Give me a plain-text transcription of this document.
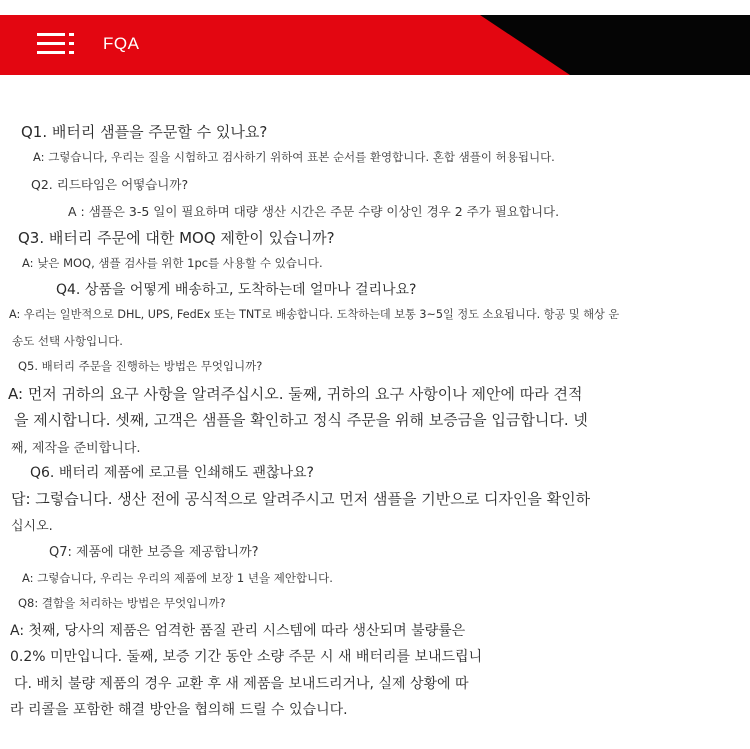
FQA
Q1. 배터리 샘플을 주문할 수 있나요?
A: 그렇습니다, 우리는 질을 시험하고 검사하기 위하여 표본 순서를 환영합니다. 혼합 샘플이 허용됩니다.
Q2. 리드타임은 어떻습니까?
A : 샘플은 3-5 일이 필요하며 대량 생산 시간은 주문 수량 이상인 경우 2 주가 필요합니다.
Q3. 배터리 주문에 대한 MOQ 제한이 있습니까?
A: 낮은 MOQ, 샘플 검사를 위한 1pc를 사용할 수 있습니다.
Q4. 상품을 어떻게 배송하고, 도착하는데 얼마나 걸리나요?
A: 우리는 일반적으로 DHL, UPS, FedEx 또는 TNT로 배송합니다. 도착하는데 보통 3~5일 정도 소요됩니다. 항공 및 해상 운
송도 선택 사항입니다.
Q5. 배터리 주문을 진행하는 방법은 무엇입니까?
A: 먼저 귀하의 요구 사항을 알려주십시오. 둘째, 귀하의 요구 사항이나 제안에 따라 견적
을 제시합니다. 셋째, 고객은 샘플을 확인하고 정식 주문을 위해 보증금을 입금합니다. 넷
째, 제작을 준비합니다.
Q6. 배터리 제품에 로고를 인쇄해도 괜찮나요?
답: 그렇습니다. 생산 전에 공식적으로 알려주시고 먼저 샘플을 기반으로 디자인을 확인하
십시오.
Q7: 제품에 대한 보증을 제공합니까?
A: 그렇습니다, 우리는 우리의 제품에 보장 1 년을 제안합니다.
Q8: 결함을 처리하는 방법은 무엇입니까?
A: 첫째, 당사의 제품은 엄격한 품질 관리 시스템에 따라 생산되며 불량률은
0.2% 미만입니다. 둘째, 보증 기간 동안 소량 주문 시 새 배터리를 보내드립니
다. 배치 불량 제품의 경우 교환 후 새 제품을 보내드리거나, 실제 상황에 따
라 리콜을 포함한 해결 방안을 협의해 드릴 수 있습니다.
